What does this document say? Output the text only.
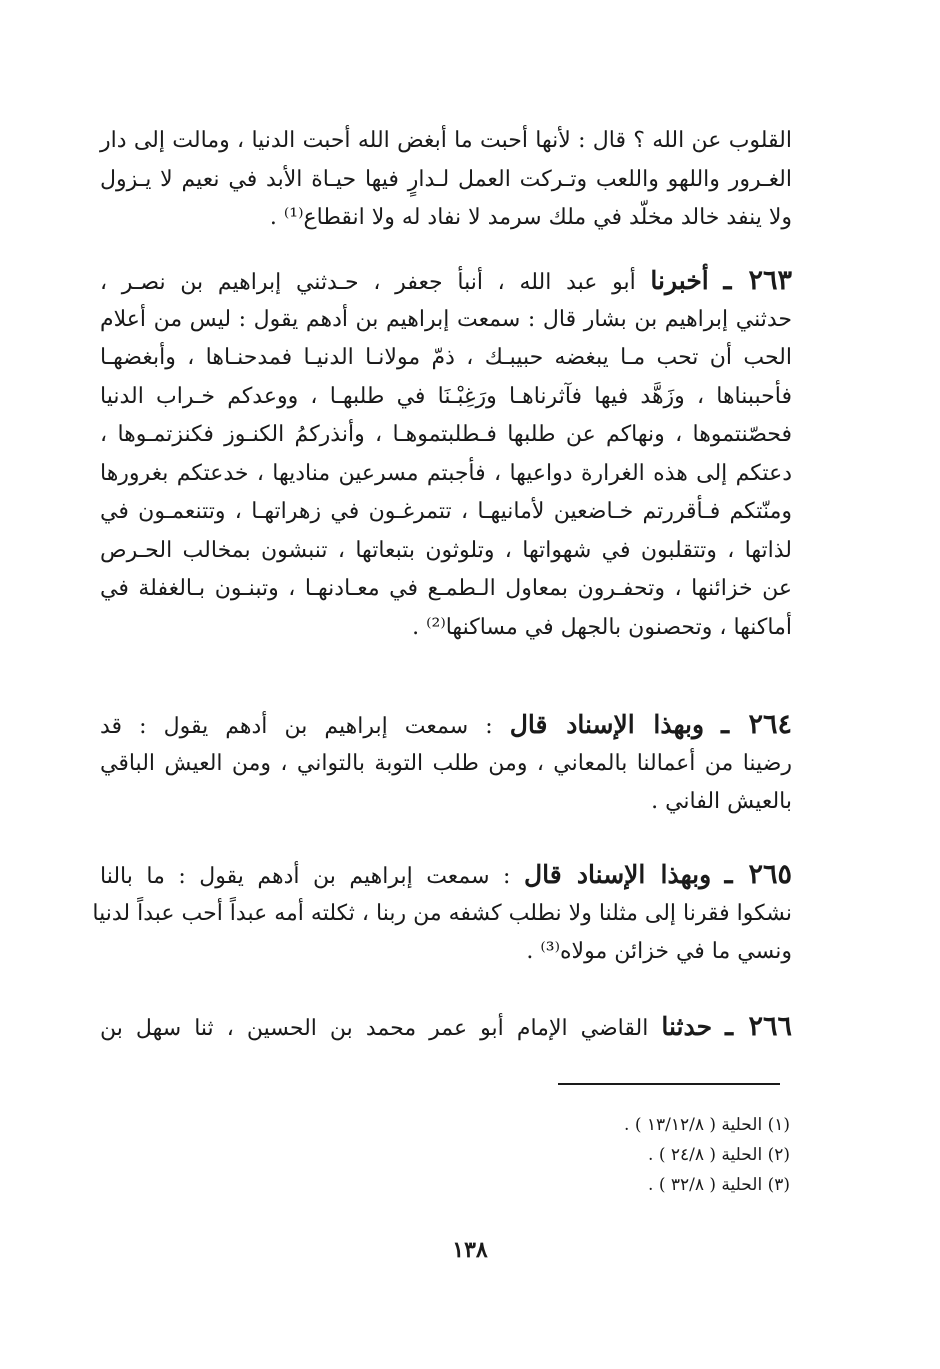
القلوب عن الله ؟ قال : لأنها أحبت ما أبغض الله أحبت الدنيا ، ومالت إلى دار
الغـرور واللهو واللعب وتـركت العمل لـدارٍ فيها حيـاة الأبد في نعيم لا يـزول
ولا ينفد خالد مخلّد في ملك سرمد لا نفاد له ولا انقطاع⁽¹⁾ .
٢٦٣ ـ أخبرنا أبو عبد الله ، أنبأ جعفر ، حـدثني إبراهيم بن نصـر ،
حدثني إبراهيم بن بشار قال : سمعت إبراهيم بن أدهم يقول : ليس من أعلام
الحب أن تحب مـا يبغضه حبيبـك ، ذمّ مولانـا الدنيـا فمدحنـاها ، وأبغضهـا
فأحببناها ، وزَهَّد فيها فآثرناهـا ورَغِبْـنَا في طلبهـا ، ووعدكم خـراب الدنيا
فحصّنتموها ، ونهاكم عن طلبها فـطلبتموهـا ، وأنذركمُ الكنـوز فكنزتمـوها ،
دعتكم إلى هذه الغرارة دواعيها ، فأجبتم مسرعين مناديها ، خدعتكم بغرورها
ومنّتكم فـأقررتم خـاضعين لأمانيهـا ، تتمرغـون في زهراتهـا ، وتتنعمـون في
لذاتها ، وتتقلبون في شهواتها ، وتلوثون بتبعاتها ، تنبشون بمخالب الحـرص
عن خزائنها ، وتحفـرون بمعاول الـطمـع في معـادنهـا ، وتبنـون بـالغفلة في
أماكنها ، وتحصنون بالجهل في مساكنها⁽²⁾ .
٢٦٤ ـ وبهذا الإسناد قال : سمعت إبراهيم بن أدهم يقول : قد
رضينا من أعمالنا بالمعاني ، ومن طلب التوبة بالتواني ، ومن العيش الباقي
بالعيش الفاني .
٢٦٥ ـ وبهذا الإسناد قال : سمعت إبراهيم بن أدهم يقول : ما بالنا
نشكوا فقرنا إلى مثلنا ولا نطلب كشفه من ربنا ، ثكلته أمه عبداً أحب عبداً لدنيا
ونسي ما في خزائن مولاه⁽³⁾ .
٢٦٦ ـ حدثنا القاضي الإمام أبو عمر محمد بن الحسين ، ثنا سهل بن
(١) الحلية ( ١٣/١٢/٨ ) .
(٢) الحلية ( ٢٤/٨ ) .
(٣) الحلية ( ٣٢/٨ ) .
١٣٨
